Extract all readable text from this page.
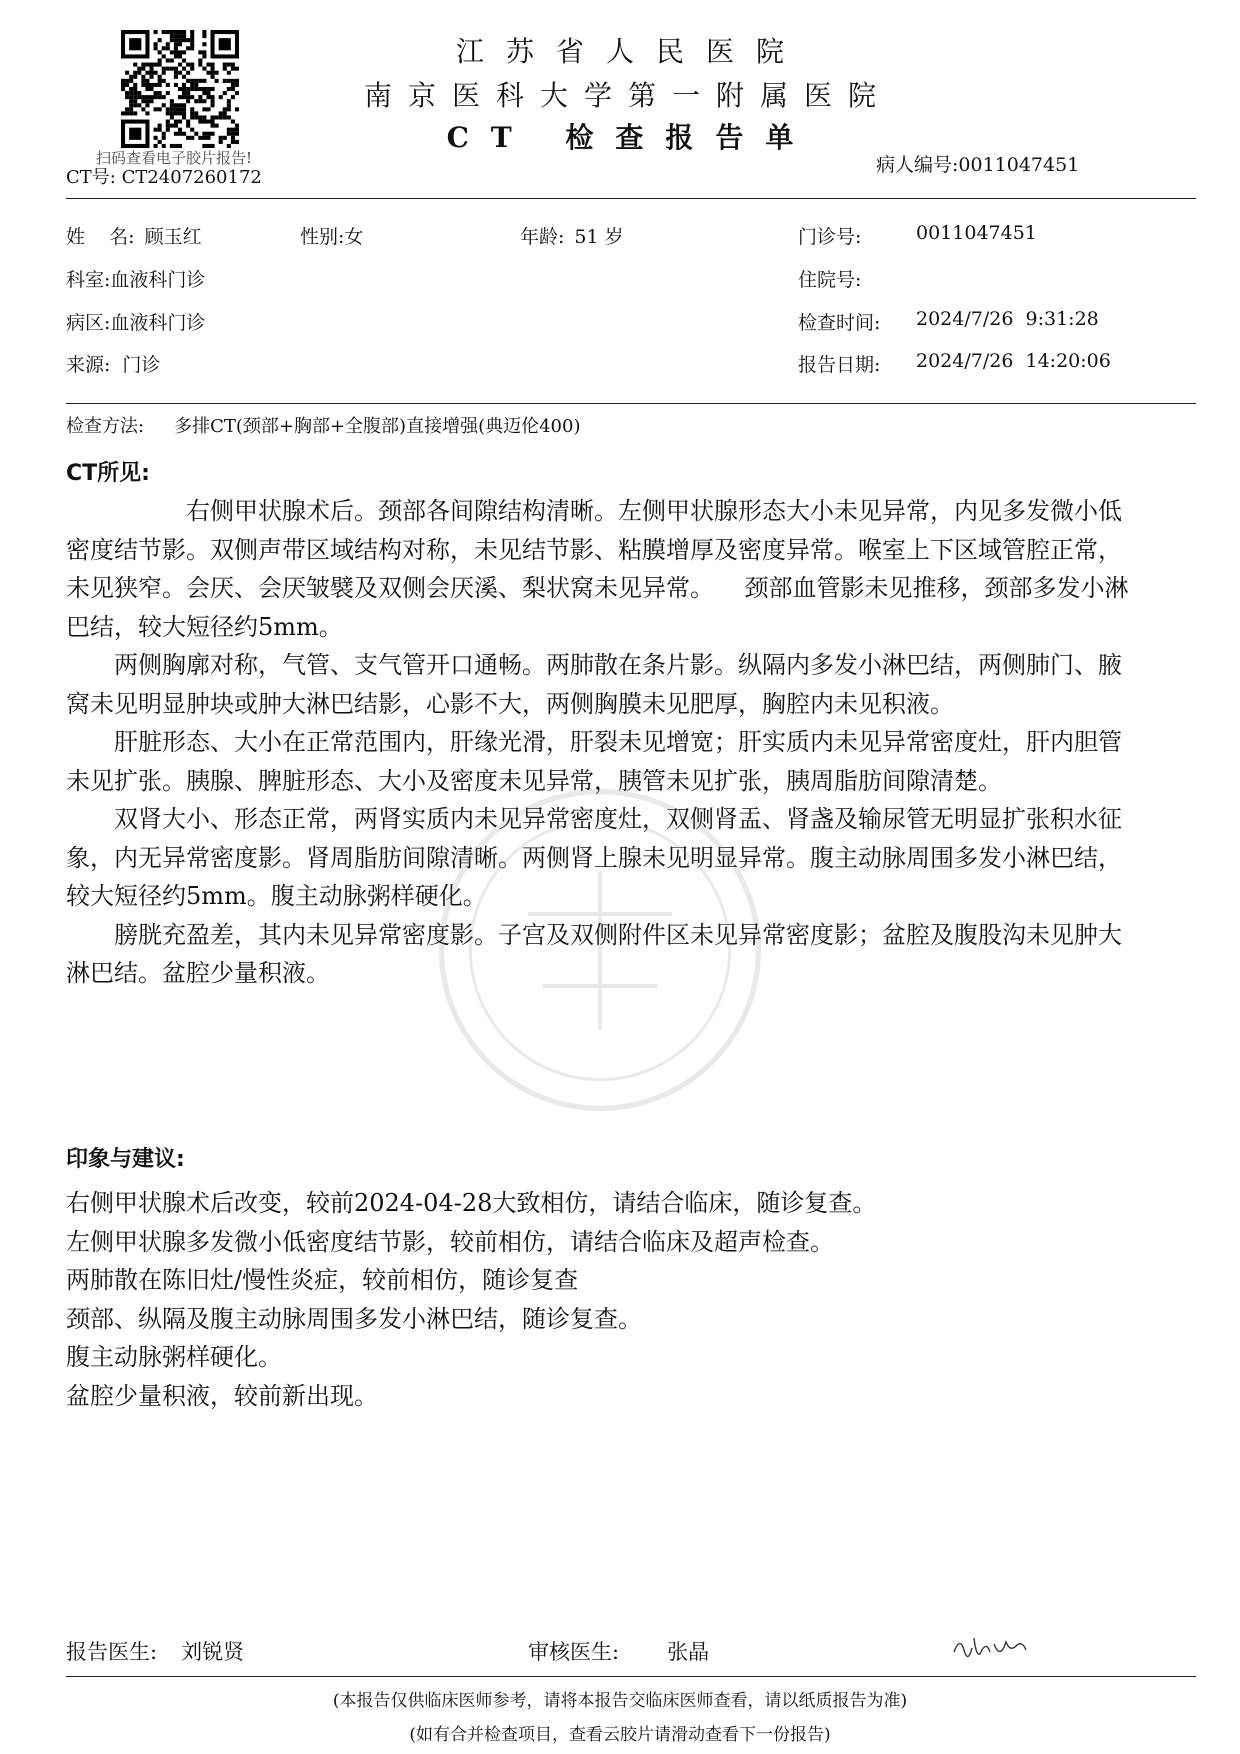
扫码查看电子胶片报告!
CT号: CT2407260172
江苏省人民医院
南京医科大学第一附属医院
CT 检查报告单
病人编号:0011047451
姓    名: 顾玉红	性别:女	年龄: 51 岁	门诊号:	0011047451
科室:血液科门诊	住院号:
病区:血液科门诊	检查时间: 2024/7/26  9:31:28
来源: 门诊	报告日期: 2024/7/26  14:20:06
检查方法: 多排CT(颈部+胸部+全腹部)直接增强(典迈伦400)
CT所见:

右侧甲状腺术后。颈部各间隙结构清晰。左侧甲状腺形态大小未见异常，内见多发微小低密度结节影。双侧声带区域结构对称，未见结节影、粘膜增厚及密度异常。喉室上下区域管腔正常，未见狭窄。会厌、会厌皱襞及双侧会厌溪、梨状窝未见异常。    颈部血管影未见推移，颈部多发小淋巴结，较大短径约5mm。

两侧胸廓对称，气管、支气管开口通畅。两肺散在条片影。纵隔内多发小淋巴结，两侧肺门、腋窝未见明显肿块或肿大淋巴结影，心影不大，两侧胸膜未见肥厚，胸腔内未见积液。

肝脏形态、大小在正常范围内，肝缘光滑，肝裂未见增宽；肝实质内未见异常密度灶，肝内胆管未见扩张。胰腺、脾脏形态、大小及密度未见异常，胰管未见扩张，胰周脂肪间隙清楚。

双肾大小、形态正常，两肾实质内未见异常密度灶，双侧肾盂、肾盏及输尿管无明显扩张积水征象，内无异常密度影。肾周脂肪间隙清晰。两侧肾上腺未见明显异常。腹主动脉周围多发小淋巴结，较大短径约5mm。腹主动脉粥样硬化。

膀胱充盈差，其内未见异常密度影。子宫及双侧附件区未见异常密度影；盆腔及腹股沟未见肿大淋巴结。盆腔少量积液。

印象与建议:
右侧甲状腺术后改变，较前2024-04-28大致相仿，请结合临床，随诊复查。
左侧甲状腺多发微小低密度结节影，较前相仿，请结合临床及超声检查。
两肺散在陈旧灶/慢性炎症，较前相仿，随诊复查
颈部、纵隔及腹主动脉周围多发小淋巴结，随诊复查。
腹主动脉粥样硬化。
盆腔少量积液，较前新出现。
报告医生: 刘锐贤	审核医生: 张晶
(本报告仅供临床医师参考，请将本报告交临床医师查看，请以纸质报告为准)
(如有合并检查项目，查看云胶片请滑动查看下一份报告)
